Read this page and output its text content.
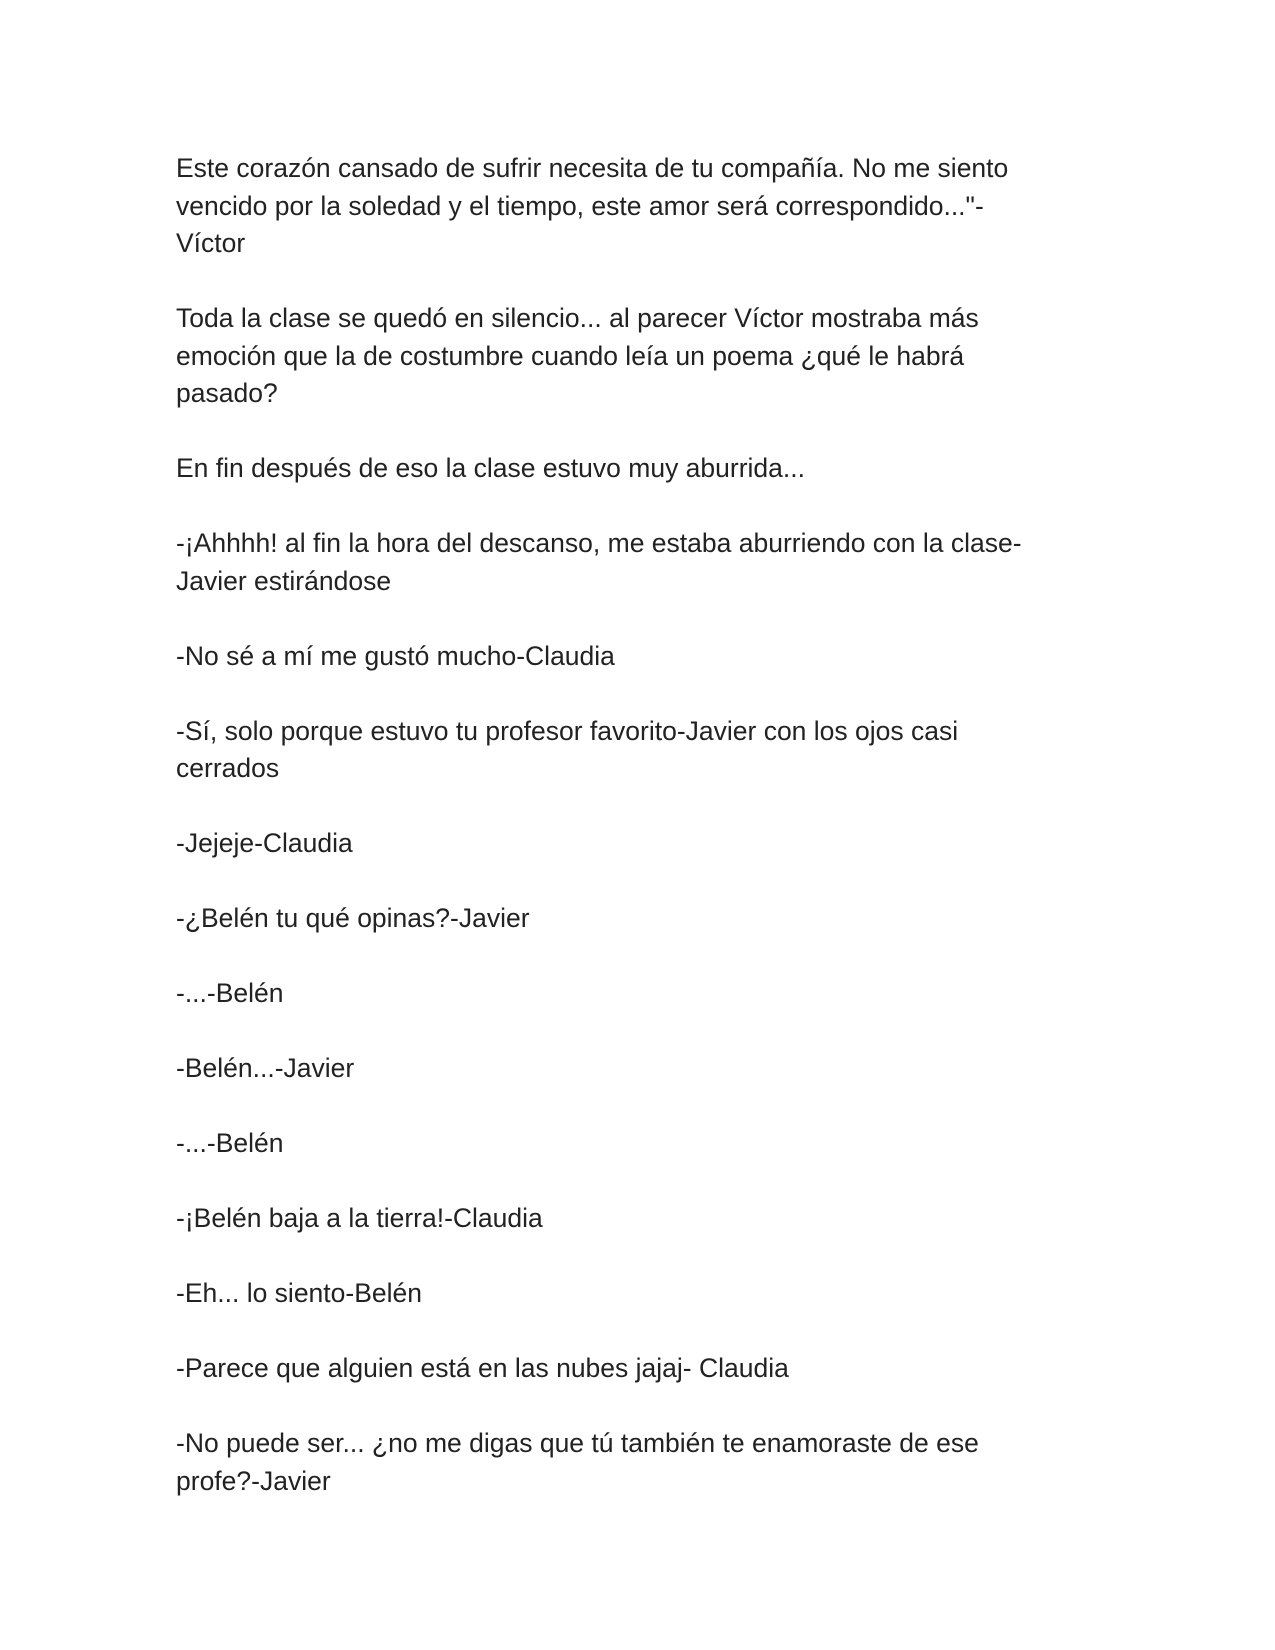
Este corazón cansado de sufrir necesita de tu compañía. No me siento
vencido por la soledad y el tiempo, este amor será correspondido..."-
Víctor

Toda la clase se quedó en silencio... al parecer Víctor mostraba más
emoción que la de costumbre cuando leía un poema ¿qué le habrá
pasado?

En fin después de eso la clase estuvo muy aburrida...

-¡Ahhhh! al fin la hora del descanso, me estaba aburriendo con la clase-
Javier estirándose

-No sé a mí me gustó mucho-Claudia

-Sí, solo porque estuvo tu profesor favorito-Javier con los ojos casi
cerrados

-Jejeje-Claudia

-¿Belén tu qué opinas?-Javier

-...-Belén

-Belén...-Javier

-...-Belén

-¡Belén baja a la tierra!-Claudia

-Eh... lo siento-Belén

-Parece que alguien está en las nubes jajaj- Claudia

-No puede ser... ¿no me digas que tú también te enamoraste de ese
profe?-Javier
